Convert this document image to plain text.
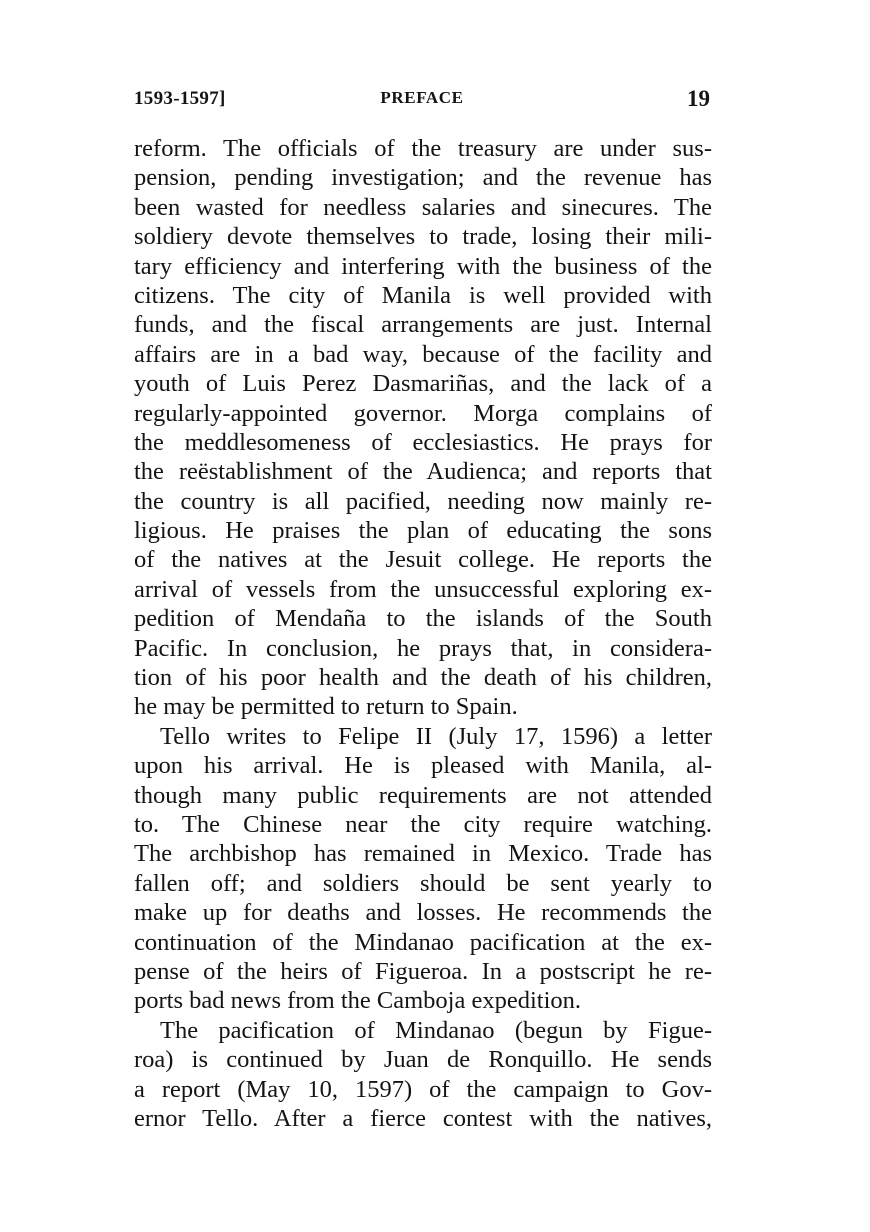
1593-1597]	PREFACE	19
reform. The officials of the treasury are under sus-
pension, pending investigation; and the revenue has
been wasted for needless salaries and sinecures. The
soldiery devote themselves to trade, losing their mili-
tary efficiency and interfering with the business of the
citizens. The city of Manila is well provided with
funds, and the fiscal arrangements are just. Internal
affairs are in a bad way, because of the facility and
youth of Luis Perez Dasmariñas, and the lack of a
regularly-appointed governor. Morga complains of
the meddlesomeness of ecclesiastics. He prays for
the reëstablishment of the Audienca; and reports that
the country is all pacified, needing now mainly re-
ligious. He praises the plan of educating the sons
of the natives at the Jesuit college. He reports the
arrival of vessels from the unsuccessful exploring ex-
pedition of Mendaña to the islands of the South
Pacific. In conclusion, he prays that, in considera-
tion of his poor health and the death of his children,
he may be permitted to return to Spain.
Tello writes to Felipe II (July 17, 1596) a letter
upon his arrival. He is pleased with Manila, al-
though many public requirements are not attended
to. The Chinese near the city require watching.
The archbishop has remained in Mexico. Trade has
fallen off; and soldiers should be sent yearly to
make up for deaths and losses. He recommends the
continuation of the Mindanao pacification at the ex-
pense of the heirs of Figueroa. In a postscript he re-
ports bad news from the Camboja expedition.
The pacification of Mindanao (begun by Figue-
roa) is continued by Juan de Ronquillo. He sends
a report (May 10, 1597) of the campaign to Gov-
ernor Tello. After a fierce contest with the natives,
